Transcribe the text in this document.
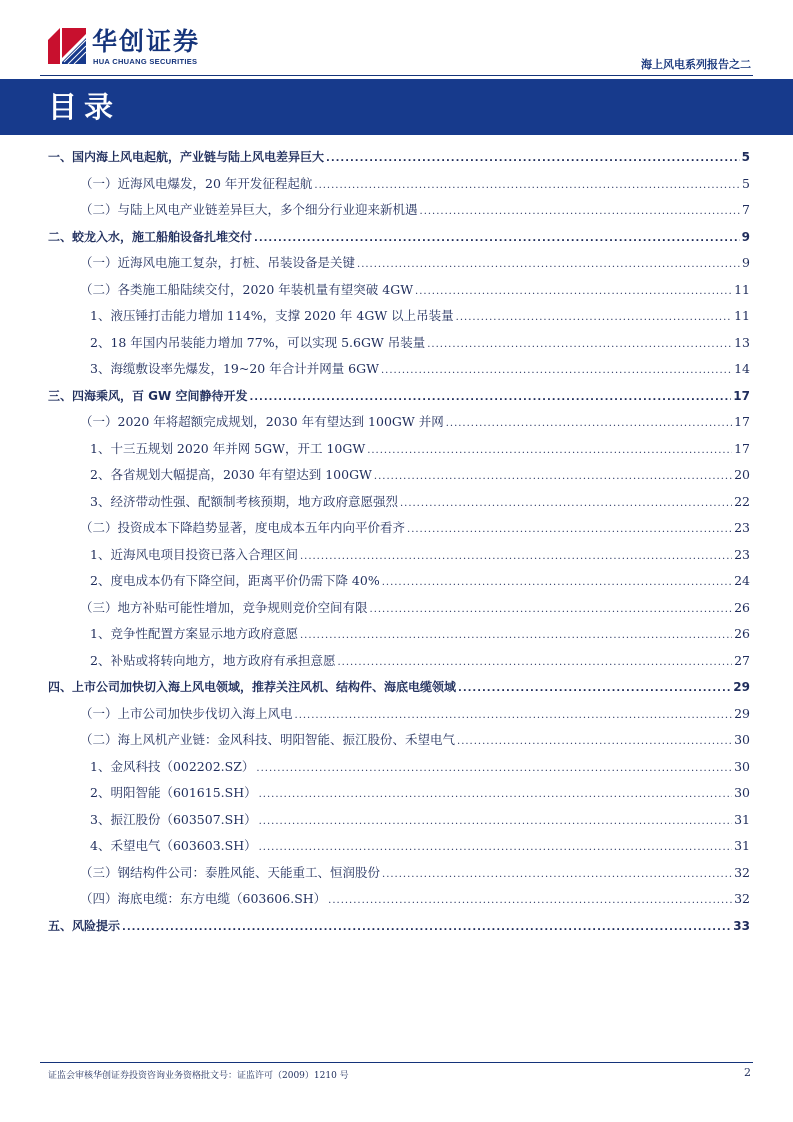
华创证券
HUA CHUANG SECURITIES	海上风电系列报告之二
目录
一、国内海上风电起航，产业链与陆上风电差异巨大 .....	5
（一）近海风电爆发，20 年开发征程起航 .....	5
（二）与陆上风电产业链差异巨大，多个细分行业迎来新机遇 .....	7
二、蛟龙入水，施工船舶设备扎堆交付 .....	9
（一）近海风电施工复杂，打桩、吊装设备是关键 .....	9
（二）各类施工船陆续交付，2020 年装机量有望突破 4GW .....	11
1、液压锤打击能力增加 114%，支撑 2020 年 4GW 以上吊装量 .....	11
2、18 年国内吊装能力增加 77%，可以实现 5.6GW 吊装量 .....	13
3、海缆敷设率先爆发，19~20 年合计并网量 6GW .....	14
三、四海乘风，百 GW 空间静待开发 .....	17
（一）2020 年将超额完成规划，2030 年有望达到 100GW 并网 .....	17
1、十三五规划 2020 年并网 5GW，开工 10GW .....	17
2、各省规划大幅提高，2030 年有望达到 100GW .....	20
3、经济带动性强、配额制考核预期，地方政府意愿强烈 .....	22
（二）投资成本下降趋势显著，度电成本五年内向平价看齐 .....	23
1、近海风电项目投资已落入合理区间 .....	23
2、度电成本仍有下降空间，距离平价仍需下降 40% .....	24
（三）地方补贴可能性增加，竞争规则竞价空间有限 .....	26
1、竞争性配置方案显示地方政府意愿 .....	26
2、补贴或将转向地方，地方政府有承担意愿 .....	27
四、上市公司加快切入海上风电领域，推荐关注风机、结构件、海底电缆领域 .....	29
（一）上市公司加快步伐切入海上风电 .....	29
（二）海上风机产业链：金风科技、明阳智能、振江股份、禾望电气 .....	30
1、金风科技（002202.SZ） .....	30
2、明阳智能（601615.SH） .....	30
3、振江股份（603507.SH） .....	31
4、禾望电气（603603.SH） .....	31
（三）钢结构件公司：泰胜风能、天能重工、恒润股份 .....	32
（四）海底电缆：东方电缆（603606.SH） .....	32
五、风险提示 .....	33
证监会审核华创证券投资咨询业务资格批文号：证监许可（2009）1210 号	2
